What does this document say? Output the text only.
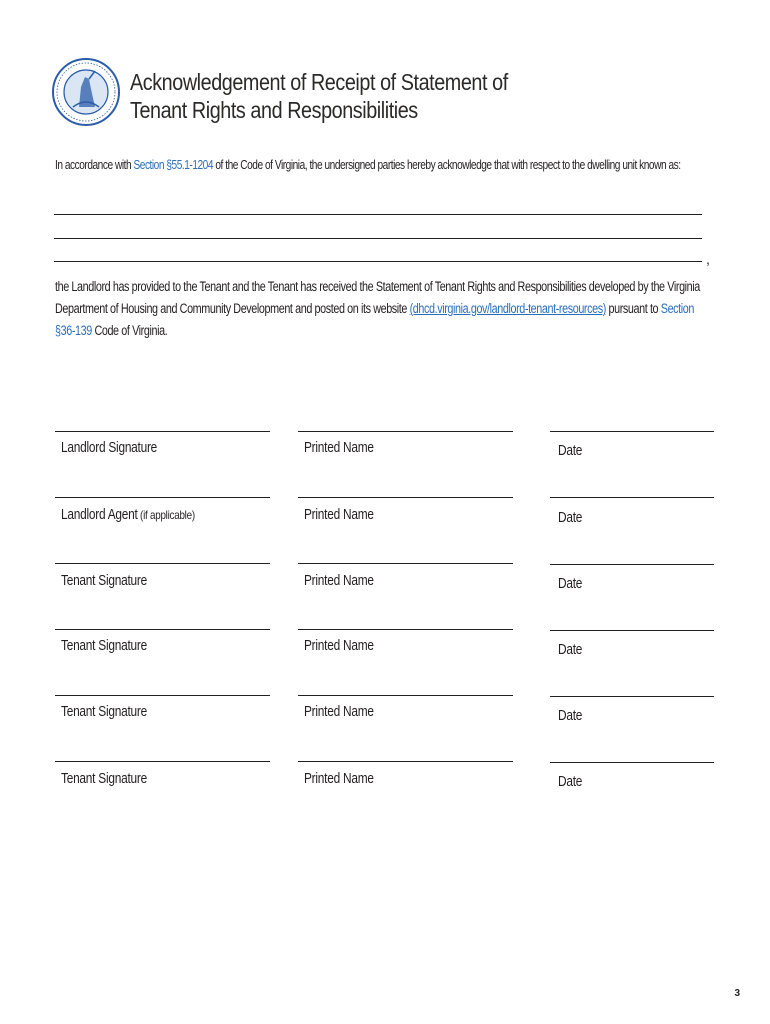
Acknowledgement of Receipt of Statement of
Tenant Rights and Responsibilities
In accordance with Section §55.1-1204 of the Code of Virginia, the undersigned parties hereby acknowledge that with respect to the dwelling unit known as:
,
the Landlord has provided to the Tenant and the Tenant has received the Statement of Tenant Rights and Responsibilities developed by the Virginia Department of Housing and Community Development and posted on its website (dhcd.virginia.gov/landlord-tenant-resources) pursuant to Section §36-139 Code of Virginia.
Landlord Signature	Printed Name	Date
Landlord Agent (if applicable)	Printed Name	Date
Tenant Signature	Printed Name	Date
Tenant Signature	Printed Name	Date
Tenant Signature	Printed Name	Date
Tenant Signature	Printed Name	Date
3
